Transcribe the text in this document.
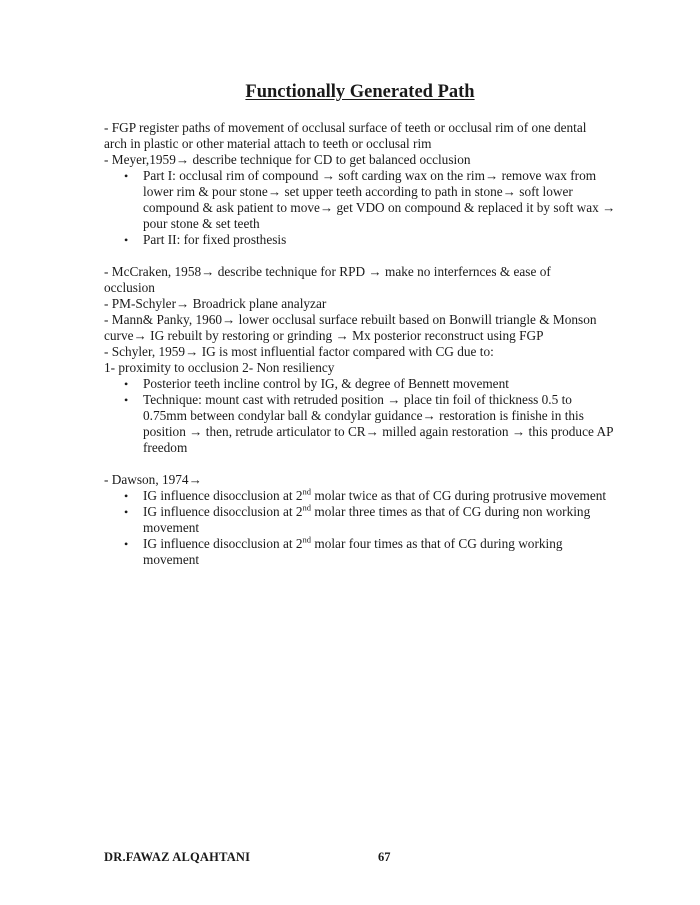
Functionally Generated Path

- FGP register paths of movement of occlusal surface of teeth or occlusal rim of one dental arch in plastic or other material attach to teeth or occlusal rim

- Meyer,1959→ describe technique for CD to get balanced occlusion

• Part I: occlusal rim of compound → soft carding wax on the rim→ remove wax from lower rim & pour stone→ set upper teeth according to path in stone→ soft lower compound & ask patient to move→ get VDO on compound & replaced it by soft wax → pour stone & set teeth
• Part II: for fixed prosthesis

- McCraken, 1958→ describe technique for RPD → make no interfernces & ease of occlusion

- PM-Schyler→ Broadrick plane analyzar

- Mann& Panky, 1960→ lower occlusal surface rebuilt based on Bonwill triangle & Monson curve→ IG rebuilt by restoring or grinding → Mx posterior reconstruct using FGP

- Schyler, 1959→ IG is most influential factor compared with CG due to:

1- proximity to occlusion 2- Non resiliency

• Posterior teeth incline control by IG, & degree of Bennett movement
• Technique: mount cast with retruded position → place tin foil of thickness 0.5 to 0.75mm between condylar ball & condylar guidance→ restoration is finishe in this position → then, retrude articulator to CR→ milled again restoration → this produce AP freedom

- Dawson, 1974→

• IG influence disocclusion at 2nd molar twice as that of CG during protrusive movement
• IG influence disocclusion at 2nd molar three times as that of CG during non working movement
• IG influence disocclusion at 2nd molar four times as that of CG during working movement
DR.FAWAZ ALQAHTANI	67
